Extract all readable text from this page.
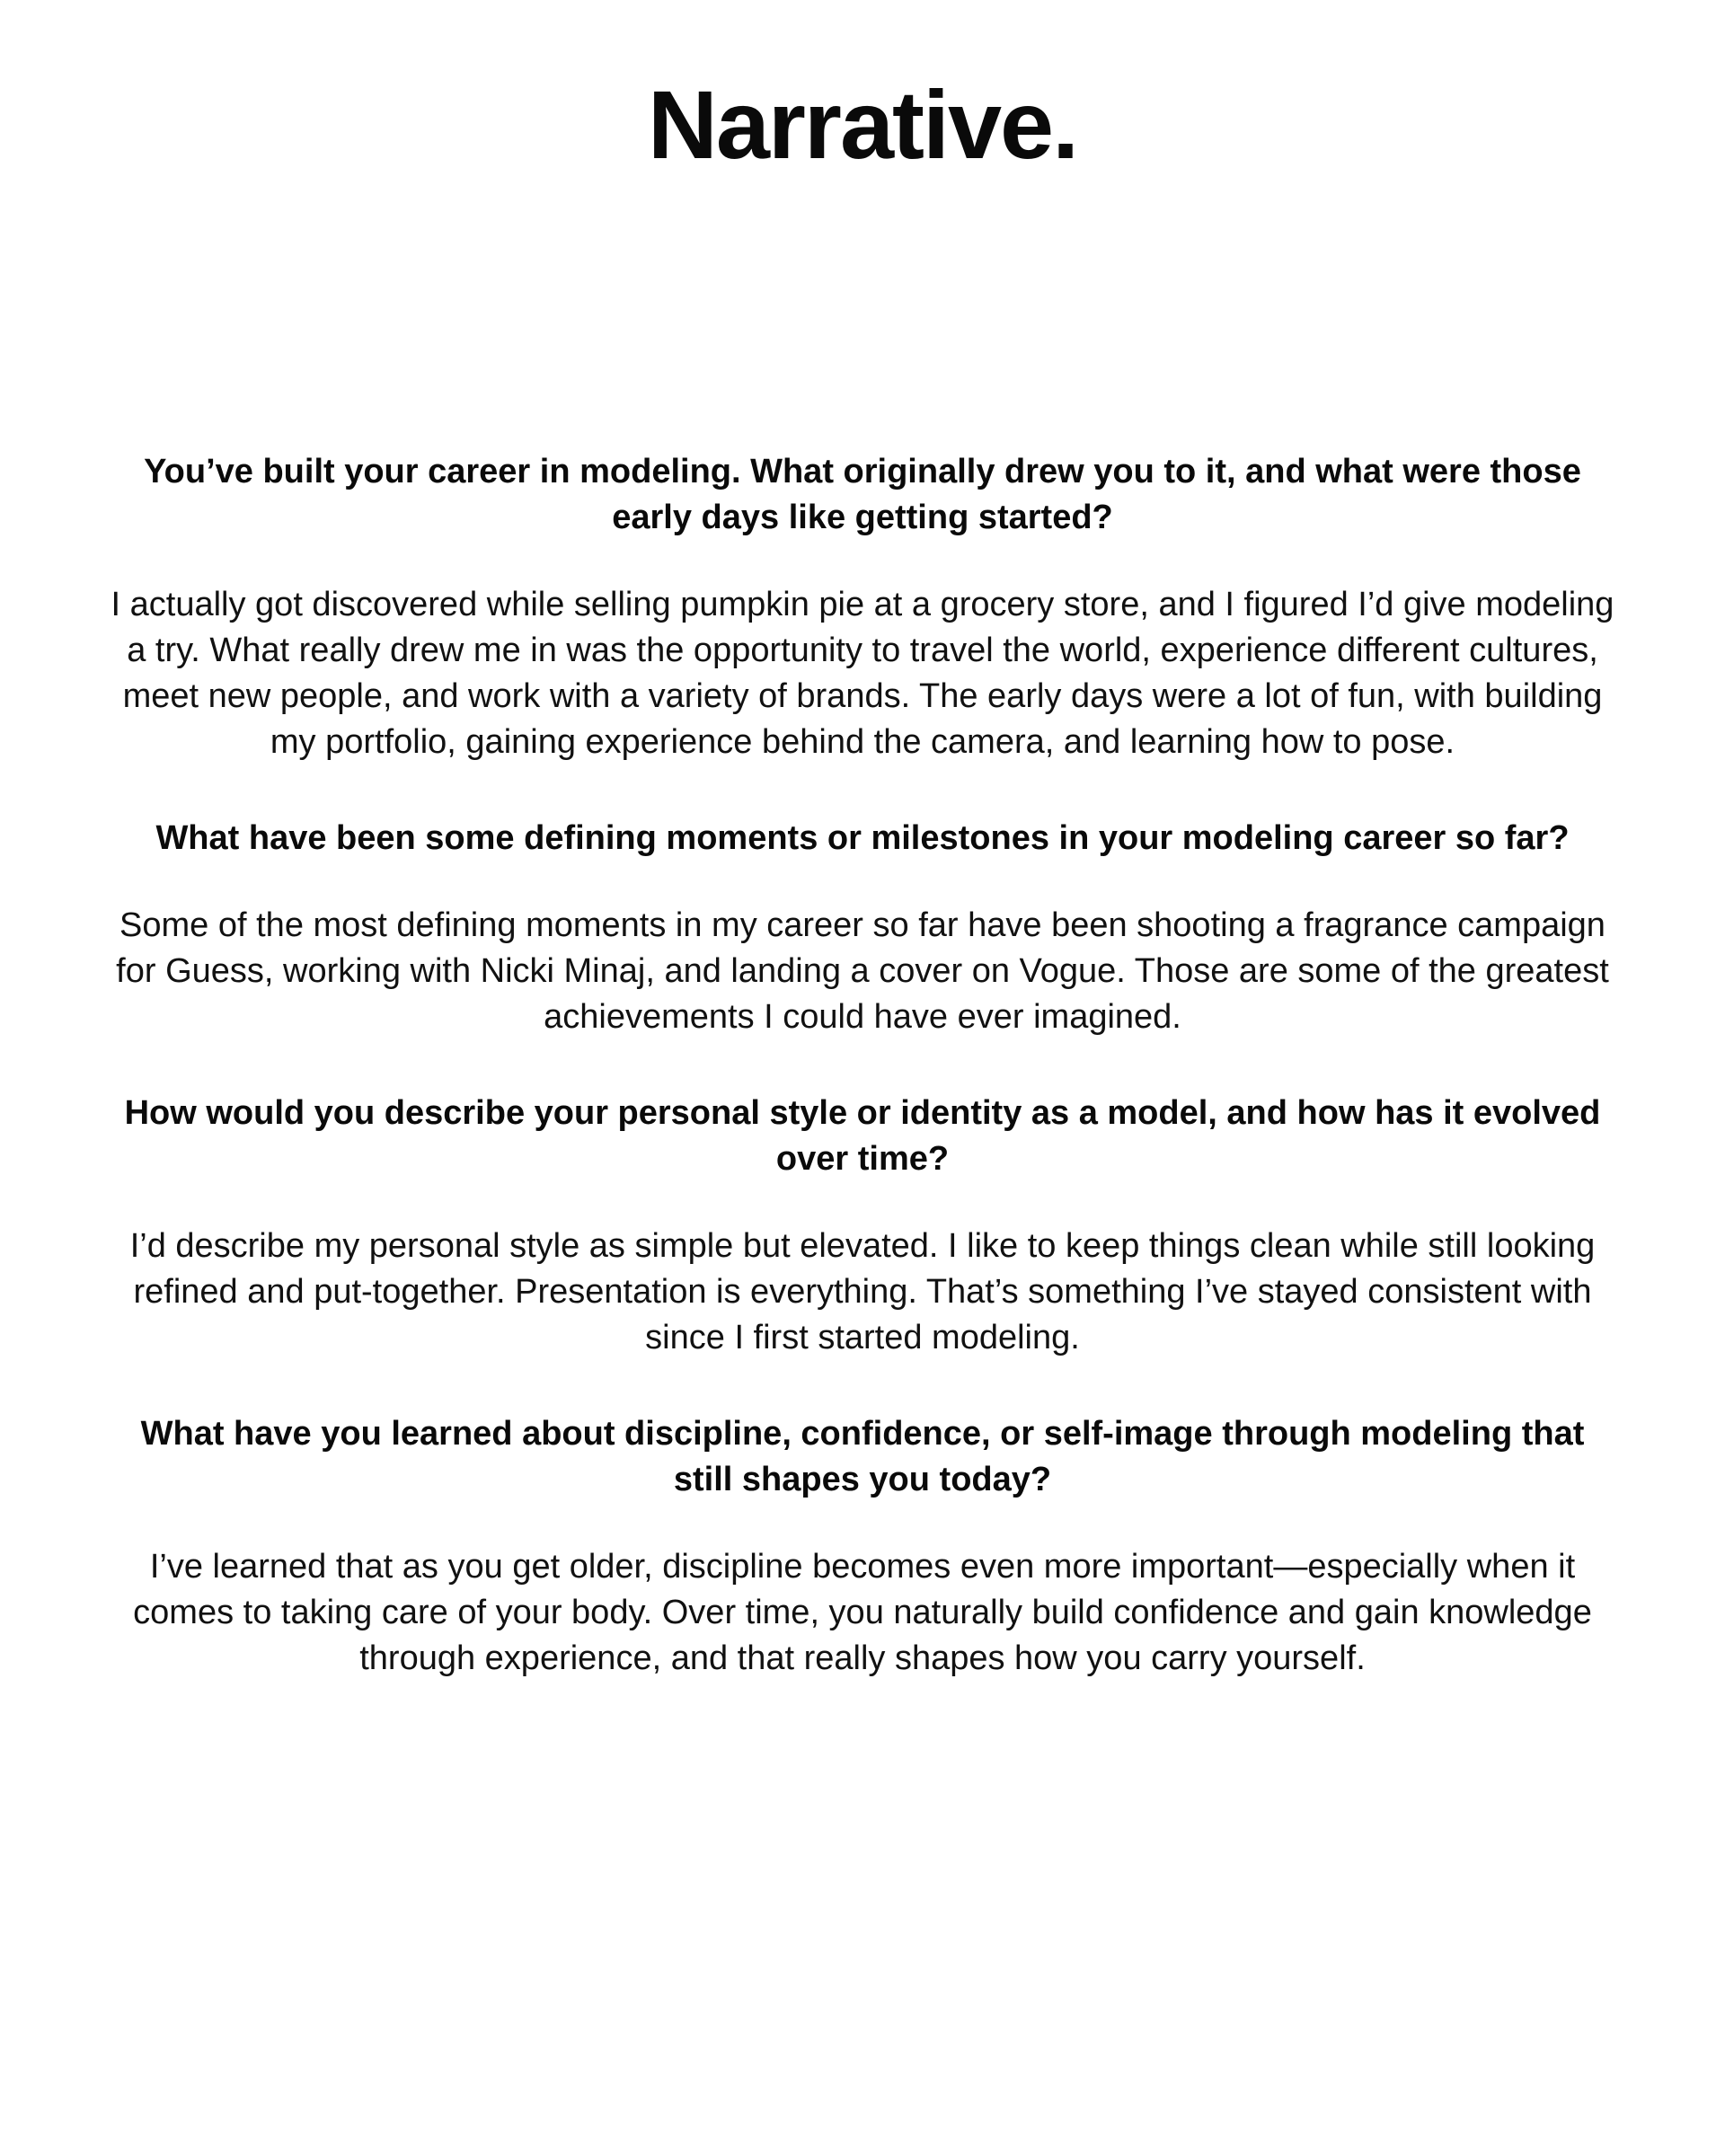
Narrative.

You’ve built your career in modeling. What originally drew you to it, and what were those early days like getting started?

I actually got discovered while selling pumpkin pie at a grocery store, and I figured I’d give modeling a try. What really drew me in was the opportunity to travel the world, experience different cultures, meet new people, and work with a variety of brands. The early days were a lot of fun, with building my portfolio, gaining experience behind the camera, and learning how to pose.

What have been some defining moments or milestones in your modeling career so far?

Some of the most defining moments in my career so far have been shooting a fragrance campaign for Guess, working with Nicki Minaj, and landing a cover on Vogue. Those are some of the greatest achievements I could have ever imagined.

How would you describe your personal style or identity as a model, and how has it evolved over time?

I’d describe my personal style as simple but elevated. I like to keep things clean while still looking refined and put-together. Presentation is everything. That’s something I’ve stayed consistent with since I first started modeling.

What have you learned about discipline, confidence, or self-image through modeling that still shapes you today?

I’ve learned that as you get older, discipline becomes even more important—especially when it comes to taking care of your body. Over time, you naturally build confidence and gain knowledge through experience, and that really shapes how you carry yourself.
